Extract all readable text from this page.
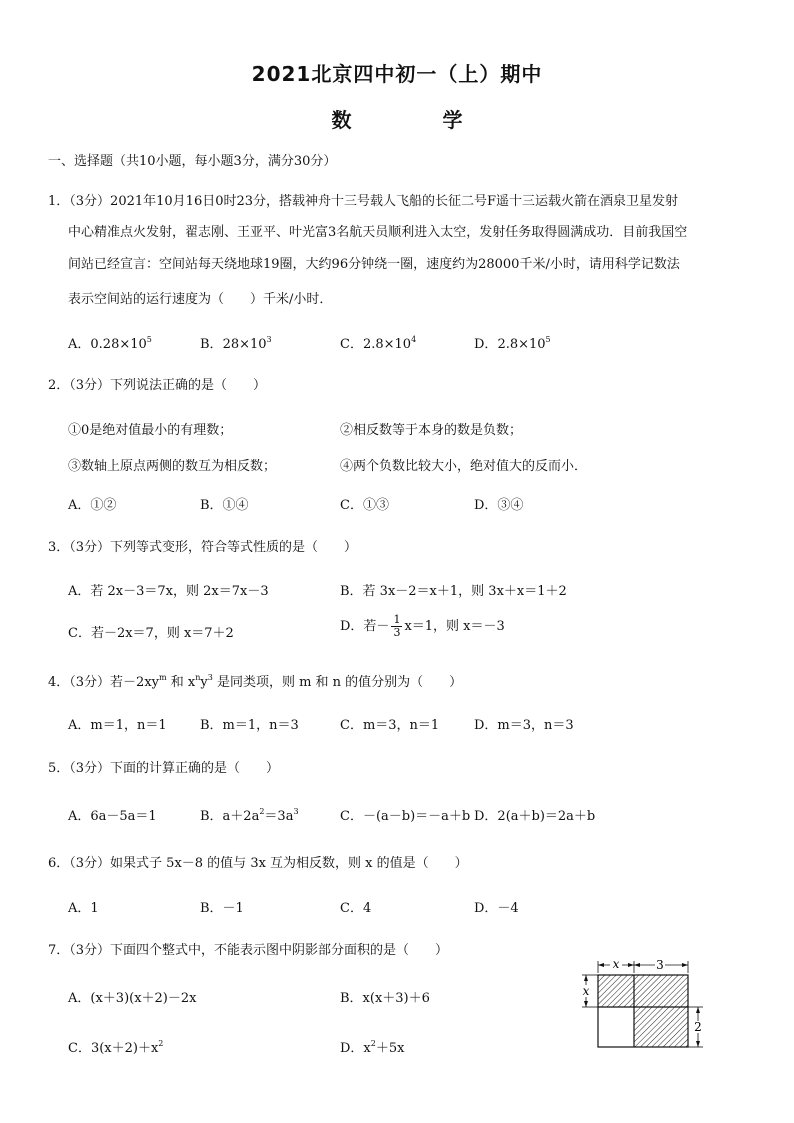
2021北京四中初一（上）期中
数 学
一、选择题（共10小题，每小题3分，满分30分）
1．（3分）2021年10月16日0时23分，搭载神舟十三号载人飞船的长征二号F遥十三运载火箭在酒泉卫星发射
中心精准点火发射，翟志刚、王亚平、叶光富3名航天员顺利进入太空，发射任务取得圆满成功．目前我国空
间站已经宣言：空间站每天绕地球19圈，大约96分钟绕一圈，速度约为28000千米/小时，请用科学记数法
表示空间站的运行速度为（　　）千米/小时．
A．$0.28\times 10^5$	B．$28\times 10^3$	C．$2.8\times 10^4$	D．$2.8\times 10^5$
2．（3分）下列说法正确的是（　　）
①0是绝对值最小的有理数；	②相反数等于本身的数是负数；
③数轴上原点两侧的数互为相反数；	④两个负数比较大小，绝对值大的反而小．
A．①②	B．①④	C．①③	D．③④
3．（3分）下列等式变形，符合等式性质的是（　　）
A．若 2x－3＝7x，则 2x＝7x－3	B．若 3x－2＝x＋1，则 3x＋x＝1＋2
C．若－2x＝7，则 x＝7＋2	D．若－ $\frac{1}{3} x=1$，则 x＝－3
4．（3分）若$-2xy^m$ 和 $x^ny^3$ 是同类项，则 m 和 n 的值分别为（　　）
A．m＝1，n＝1	B．m＝1，n＝3	C．m＝3，n＝1	D．m＝3，n＝3
5．（3分）下面的计算正确的是（　　）
A．6a－5a＝1	B．$a+2a^2=3a^3$	C．－(a－b)＝－a＋b D．2(a＋b)＝2a＋b
6．（3分）如果式子 5x－8 的值与 3x 互为相反数，则 x 的值是（　　）
A．1	B．－1	C．4	D．－4
7．（3分）下面四个整式中，不能表示图中阴影部分面积的是（　　）
A．(x＋3)(x＋2)－2x	B．x(x＋3)＋6
C．$3(x+2)+x^2$	D．$x^2+5x$
x	3
x
2
